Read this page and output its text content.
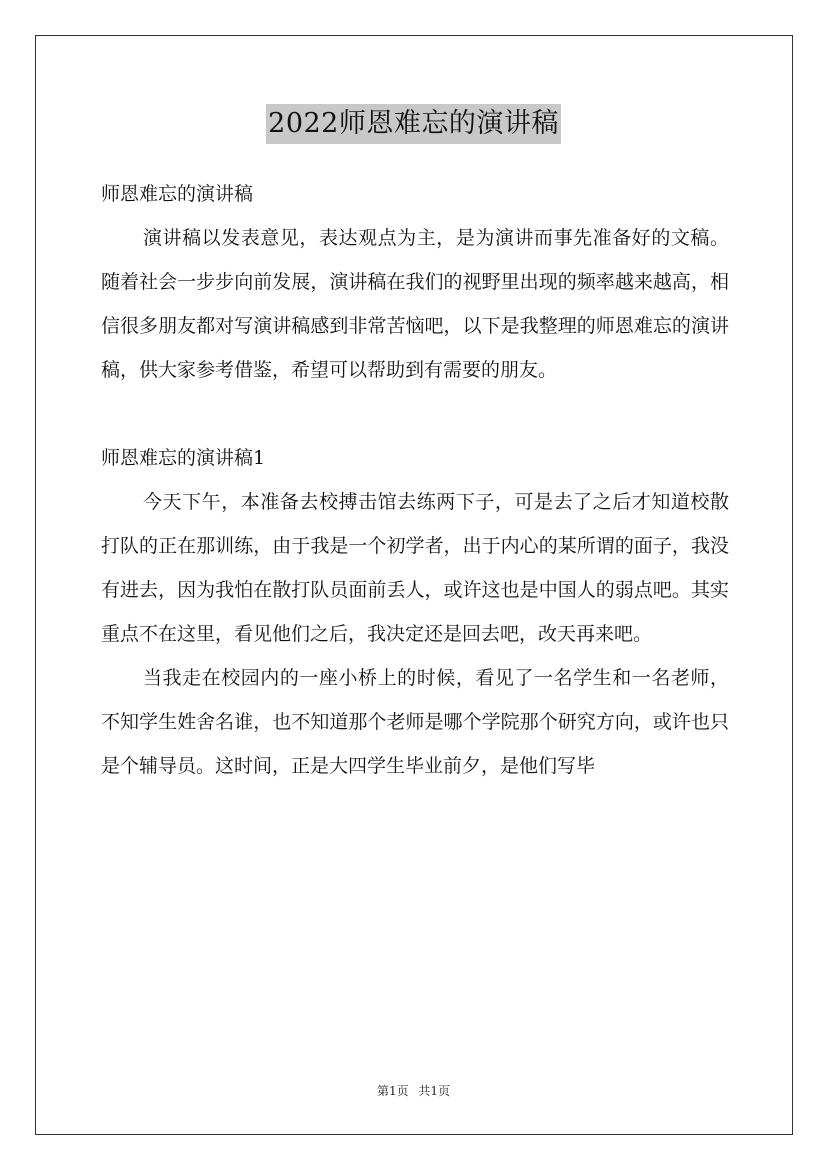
2022师恩难忘的演讲稿

师恩难忘的演讲稿

演讲稿以发表意见，表达观点为主，是为演讲而事先准备好的文稿。随着社会一步步向前发展，演讲稿在我们的视野里出现的频率越来越高，相信很多朋友都对写演讲稿感到非常苦恼吧，以下是我整理的师恩难忘的演讲稿，供大家参考借鉴，希望可以帮助到有需要的朋友。

师恩难忘的演讲稿1

今天下午，本准备去校搏击馆去练两下子，可是去了之后才知道校散打队的正在那训练，由于我是一个初学者，出于内心的某所谓的面子，我没有进去，因为我怕在散打队员面前丢人，或许这也是中国人的弱点吧。其实重点不在这里，看见他们之后，我决定还是回去吧，改天再来吧。

当我走在校园内的一座小桥上的时候，看见了一名学生和一名老师，不知学生姓舍名谁，也不知道那个老师是哪个学院那个研究方向，或许也只是个辅导员。这时间，正是大四学生毕业前夕，是他们写毕

第1页 共1页
